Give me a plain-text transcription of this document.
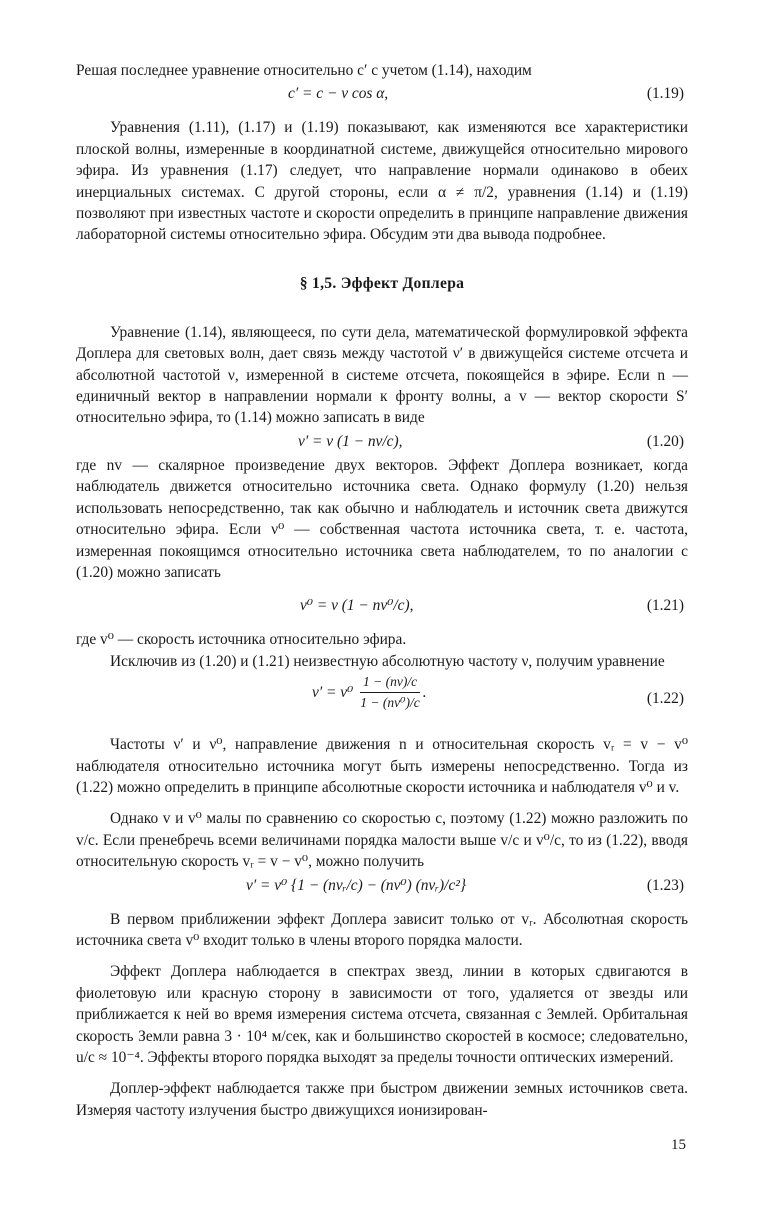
Решая последнее уравнение относительно c′ с учетом (1.14), находим

c′ = c − v cos α,	(1.19)

Уравнения (1.11), (1.17) и (1.19) показывают, как изменяются все характеристики плоской волны, измеренные в координатной системе, движущейся относительно мирового эфира. Из уравнения (1.17) следует, что направление нормали одинаково в обеих инерциальных системах. С другой стороны, если α ≠ π/2, уравнения (1.14) и (1.19) позволяют при известных частоте и скорости определить в принципе направление движения лабораторной системы относительно эфира. Обсудим эти два вывода подробнее.

§ 1,5. Эффект Доплера

Уравнение (1.14), являющееся, по сути дела, математической формулировкой эффекта Доплера для световых волн, дает связь между частотой ν′ в движущейся системе отсчета и абсолютной частотой ν, измеренной в системе отсчета, покоящейся в эфире. Если n — единичный вектор в направлении нормали к фронту волны, а v — вектор скорости S′ относительно эфира, то (1.14) можно записать в виде

ν′ = ν (1 − nv/c),	(1.20)

где nv — скалярное произведение двух векторов. Эффект Доплера возникает, когда наблюдатель движется относительно источника света. Однако формулу (1.20) нельзя использовать непосредственно, так как обычно и наблюдатель и источник света движутся относительно эфира. Если ν⁰ — собственная частота источника света, т. е. частота, измеренная покоящимся относительно источника света наблюдателем, то по аналогии с (1.20) можно записать

ν⁰ = ν (1 − nv⁰/c),	(1.21)

где v⁰ — скорость источника относительно эфира.

Исключив из (1.20) и (1.21) неизвестную абсолютную частоту ν, получим уравнение

$\nu' = \nu^0 \frac{1 - (nv)/c}{\text{1 − (nv⁰)/c}}$ .	(1.22)

Частоты ν′ и ν⁰, направление движения n и относительная скорость vᵣ = v − v⁰ наблюдателя относительно источника могут быть измерены непосредственно. Тогда из (1.22) можно определить в принципе абсолютные скорости источника и наблюдателя v⁰ и v.

Однако v и v⁰ малы по сравнению со скоростью c, поэтому (1.22) можно разложить по v/c. Если пренебречь всеми величинами порядка малости выше v/c и v⁰/c, то из (1.22), вводя относительную скорость vᵣ = v − v⁰, можно получить

ν′ = ν⁰ {1 − (nvᵣ/c) − (nv⁰) (nvᵣ)/c²}	(1.23)

В первом приближении эффект Доплера зависит только от vᵣ. Абсолютная скорость источника света v⁰ входит только в члены второго порядка малости.

Эффект Доплера наблюдается в спектрах звезд, линии в которых сдвигаются в фиолетовую или красную сторону в зависимости от того, удаляется от звезды или приближается к ней во время измерения система отсчета, связанная с Землей. Орбитальная скорость Земли равна 3 · 10⁴ м/сек, как и большинство скоростей в космосе; следовательно, u/c ≈ 10⁻⁴. Эффекты второго порядка выходят за пределы точности оптических измерений.

Доплер-эффект наблюдается также при быстром движении земных источников света. Измеряя частоту излучения быстро движущихся ионизирован-

15
